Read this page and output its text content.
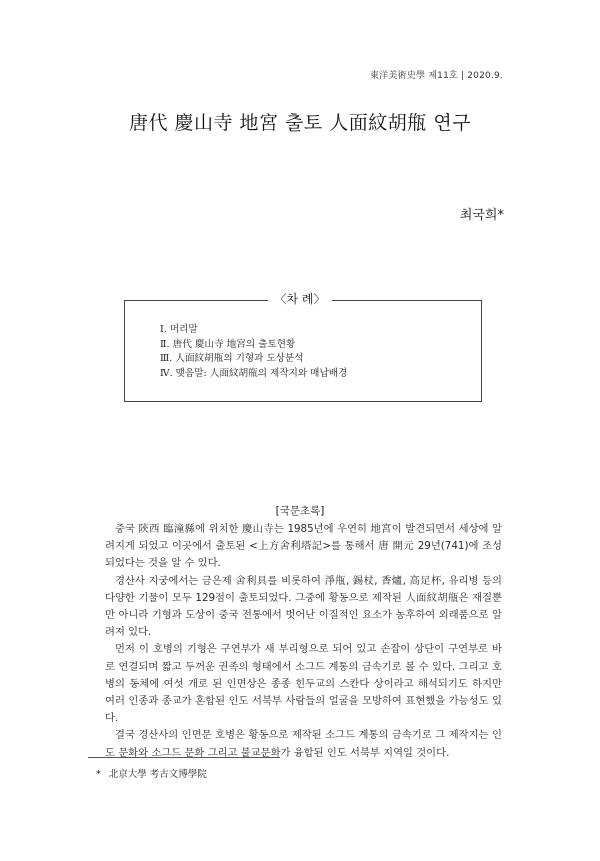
東洋美術史學 제11호 | 2020.9.
唐代 慶山寺 地宮 출토 人面紋胡甁 연구
최국희*
〈차 례〉
Ⅰ. 머리말
Ⅱ. 唐代 慶山寺 地宮의 출토현황
Ⅲ. 人面紋胡甁의 기형과 도상분석
Ⅳ. 맺음말: 人面紋胡甁의 제작지와 매납배경
[국문초록]

중국 陝西 臨潼縣에 위치한 慶山寺는 1985년에 우연히 地宮이 발견되면서 세상에 알려지게 되었고 이곳에서 출토된 <上方舍利塔記>를 통해서 唐 開元 29년(741)에 조성되었다는 것을 알 수 있다.

경산사 지궁에서는 금은제 舍利具를 비롯하여 淨甁, 錫杖, 香爐, 高足杯, 유리병 등의 다양한 기물이 모두 129점이 출토되었다. 그중에 황동으로 제작된 人面紋胡甁은 재질뿐만 아니라 기형과 도상이 중국 전통에서 벗어난 이질적인 요소가 농후하여 외래품으로 알려져 있다.

먼저 이 호병의 기형은 구연부가 새 부리형으로 되어 있고 손잡이 상단이 구연부로 바로 연결되며 짧고 두꺼운 권족의 형태에서 소그드 계통의 금속기로 볼 수 있다. 그리고 호병의 동체에 여섯 개로 된 인면상은 종종 힌두교의 스칸다 상이라고 해석되기도 하지만 여러 인종과 종교가 혼합된 인도 서북부 사람들의 얼굴을 모방하여 표현했을 가능성도 있다.

결국 경산사의 인면문 호병은 황동으로 제작된 소그드 계통의 금속기로 그 제작지는 인도 문화와 소그드 문화 그리고 불교문화가 융합된 인도 서북부 지역일 것이다.

* 北京大學 考古文博學院
